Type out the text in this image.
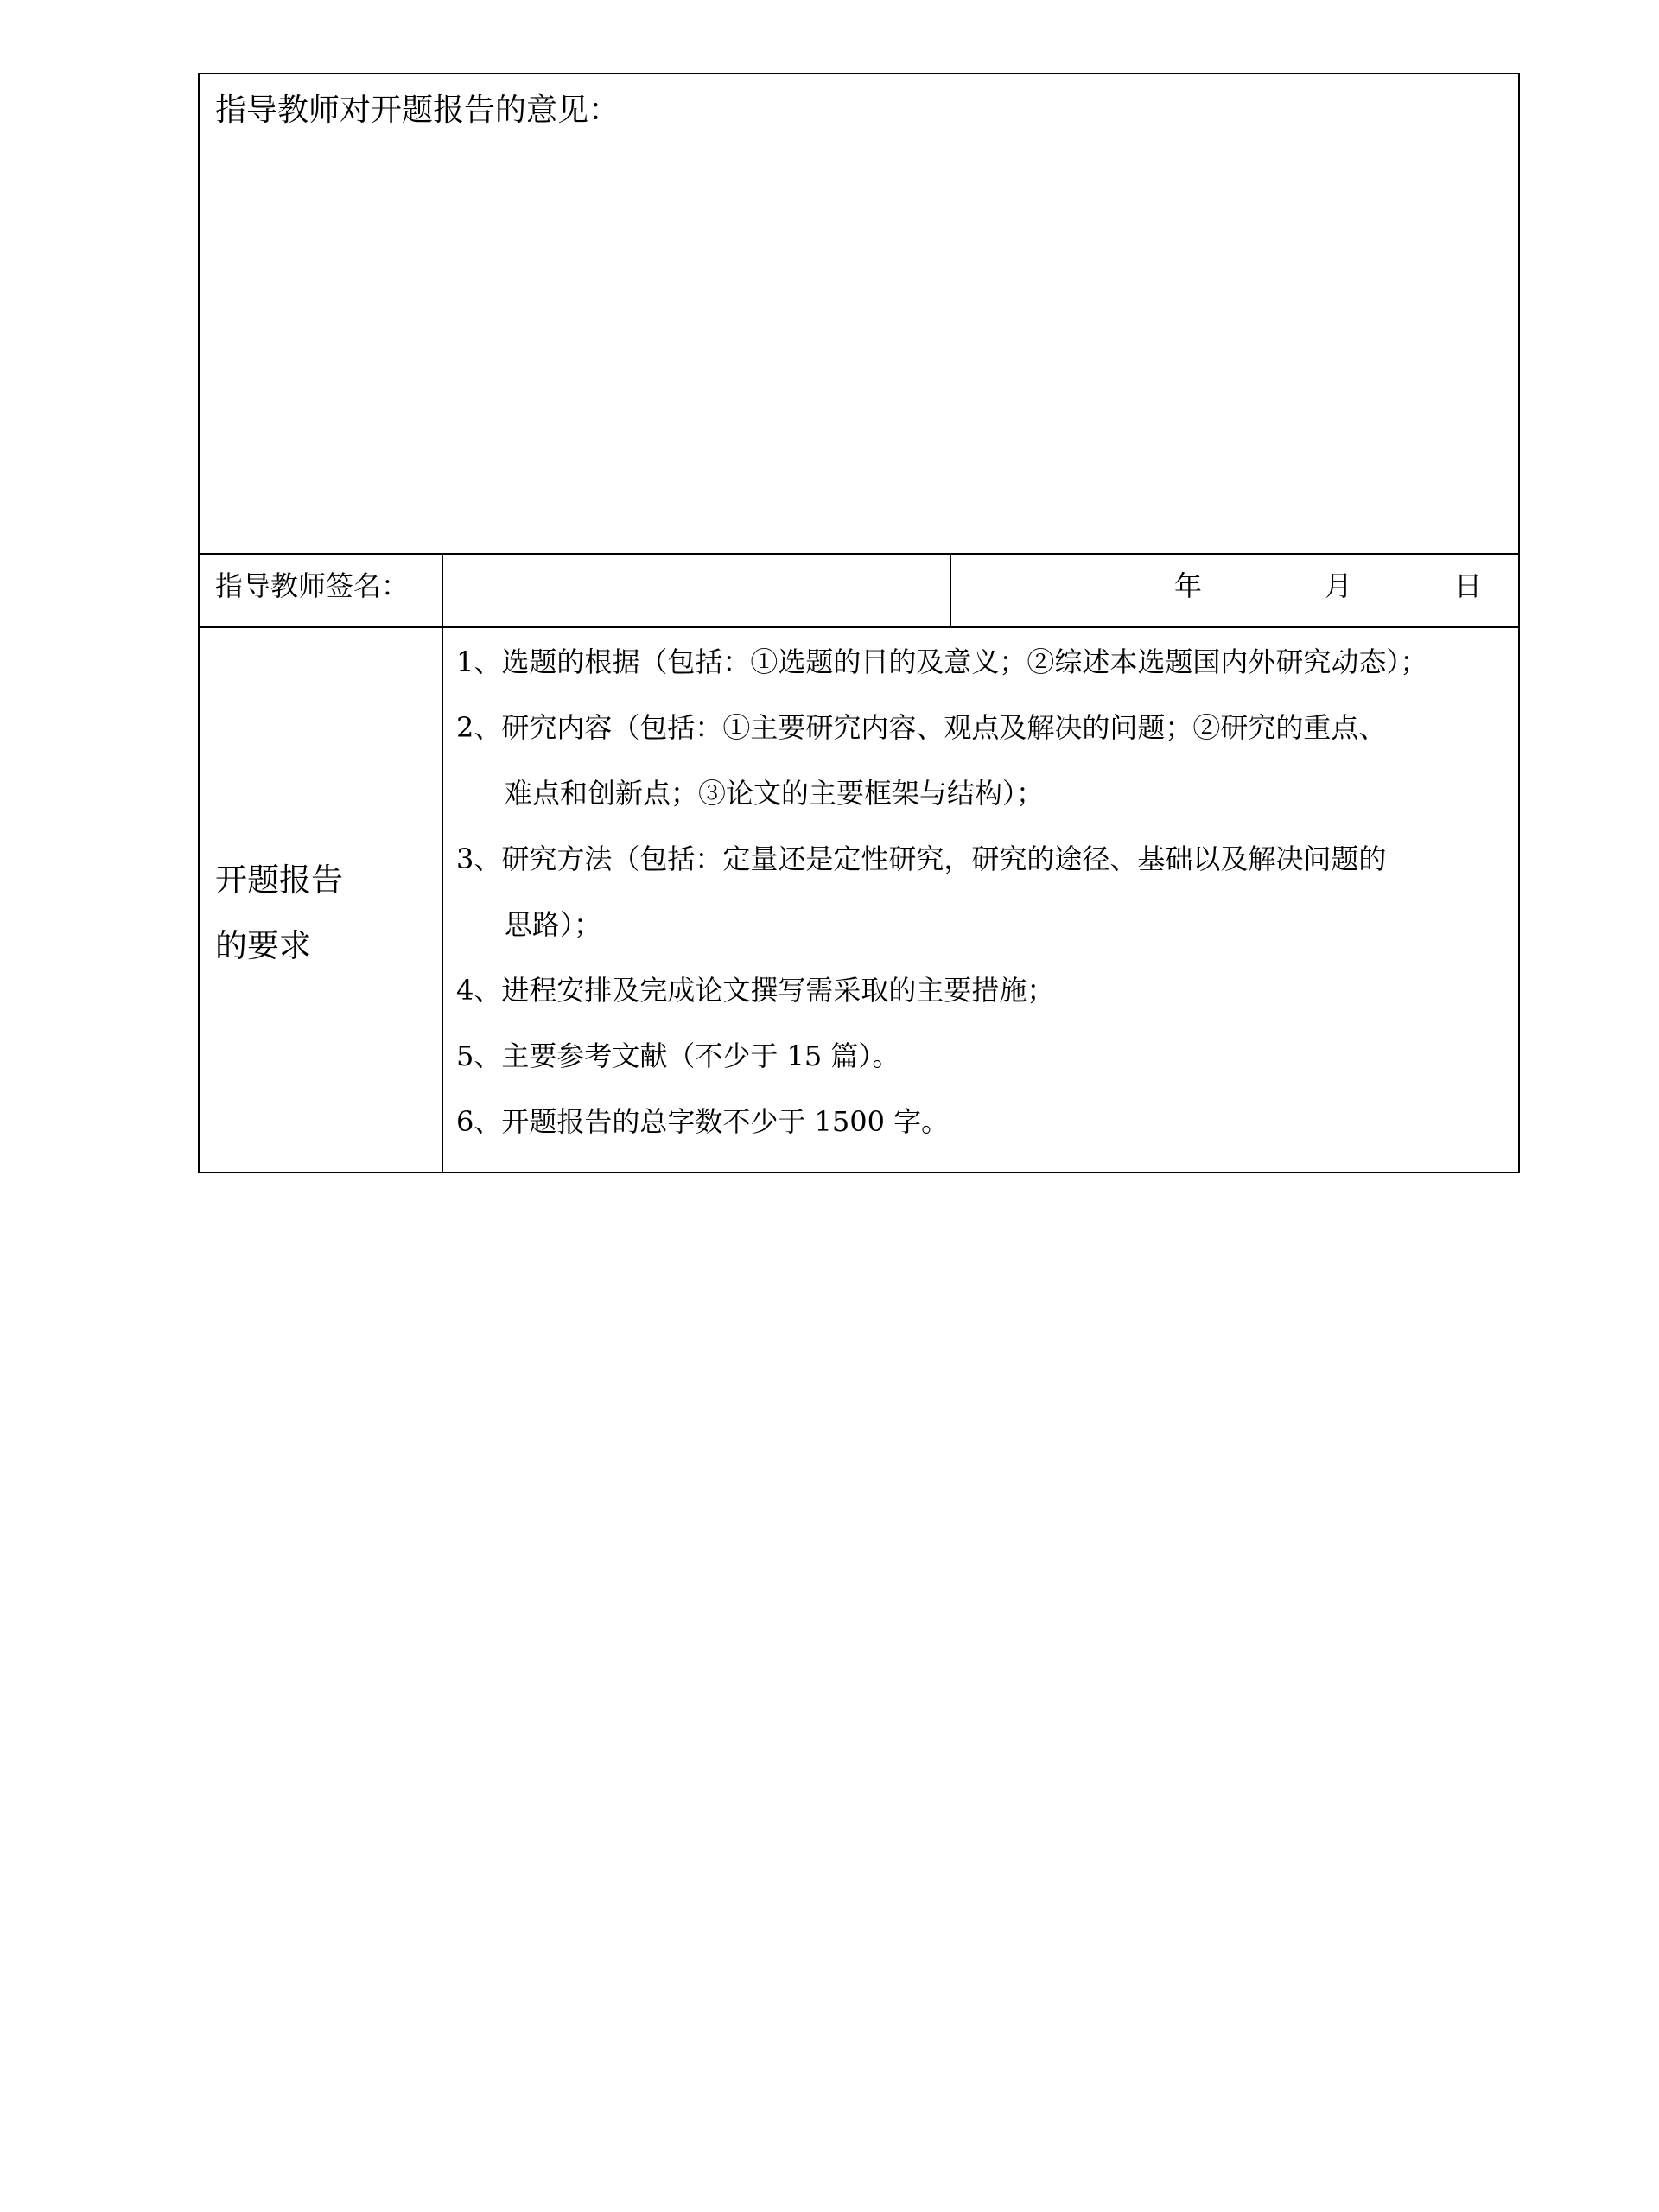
指导教师对开题报告的意见：
指导教师签名：	年	月	日
开题报告
的要求
1、选题的根据（包括：①选题的目的及意义；②综述本选题国内外研究动态）；
2、研究内容（包括：①主要研究内容、观点及解决的问题；②研究的重点、
难点和创新点；③论文的主要框架与结构）；
3、研究方法（包括：定量还是定性研究，研究的途径、基础以及解决问题的
思路）；
4、进程安排及完成论文撰写需采取的主要措施；
5、主要参考文献（不少于 15 篇）。
6、开题报告的总字数不少于 1500 字。
